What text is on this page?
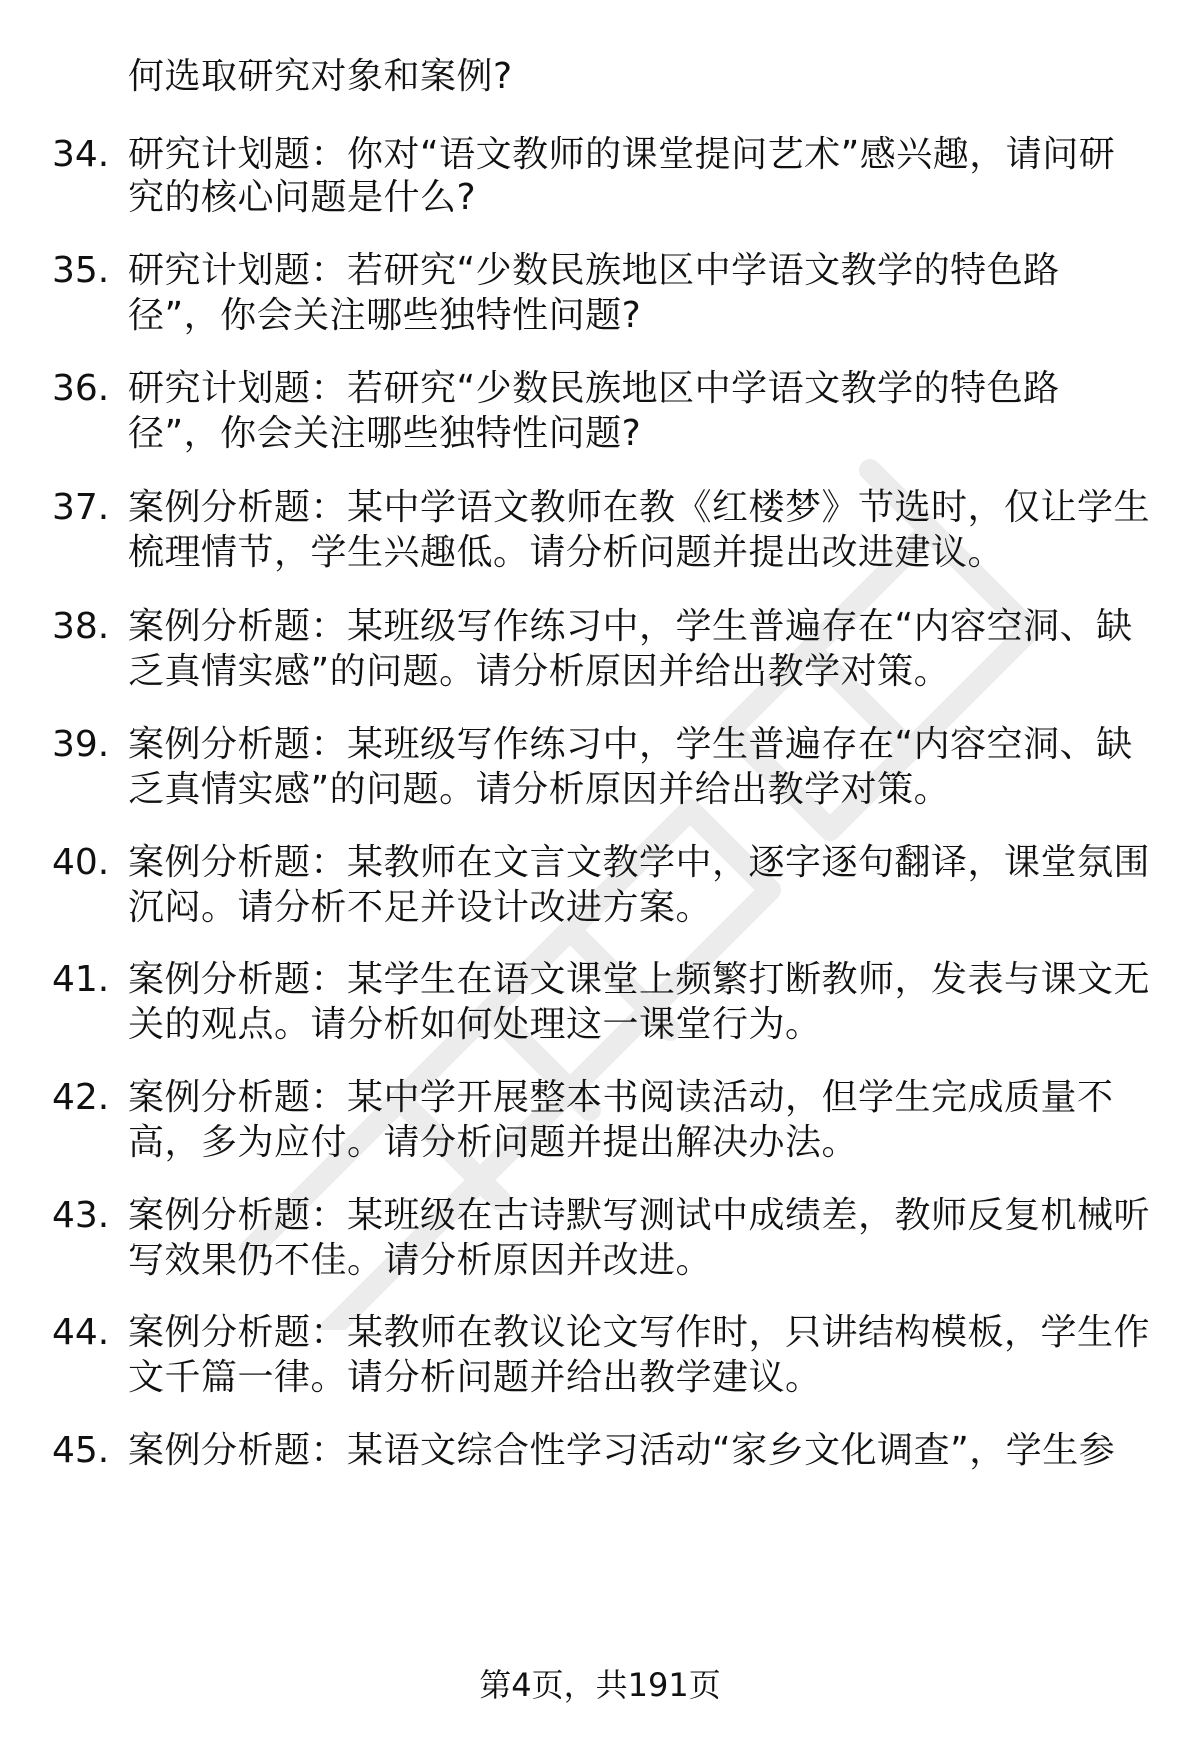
何选取研究对象和案例?
34. 研究计划题：你对“语文教师的课堂提问艺术”感兴趣，请问研
究的核心问题是什么?
35. 研究计划题：若研究“少数民族地区中学语文教学的特色路
径”，你会关注哪些独特性问题?
36. 研究计划题：若研究“少数民族地区中学语文教学的特色路
径”，你会关注哪些独特性问题?
37. 案例分析题：某中学语文教师在教《红楼梦》节选时，仅让学生
梳理情节，学生兴趣低。请分析问题并提出改进建议。
38. 案例分析题：某班级写作练习中，学生普遍存在“内容空洞、缺
乏真情实感”的问题。请分析原因并给出教学对策。
39. 案例分析题：某班级写作练习中，学生普遍存在“内容空洞、缺
乏真情实感”的问题。请分析原因并给出教学对策。
40. 案例分析题：某教师在文言文教学中，逐字逐句翻译，课堂氛围
沉闷。请分析不足并设计改进方案。
41. 案例分析题：某学生在语文课堂上频繁打断教师，发表与课文无
关的观点。请分析如何处理这一课堂行为。
42. 案例分析题：某中学开展整本书阅读活动，但学生完成质量不
高，多为应付。请分析问题并提出解决办法。
43. 案例分析题：某班级在古诗默写测试中成绩差，教师反复机械听
写效果仍不佳。请分析原因并改进。
44. 案例分析题：某教师在教议论文写作时，只讲结构模板，学生作
文千篇一律。请分析问题并给出教学建议。
45. 案例分析题：某语文综合性学习活动“家乡文化调查”，学生参
第4页，共191页
